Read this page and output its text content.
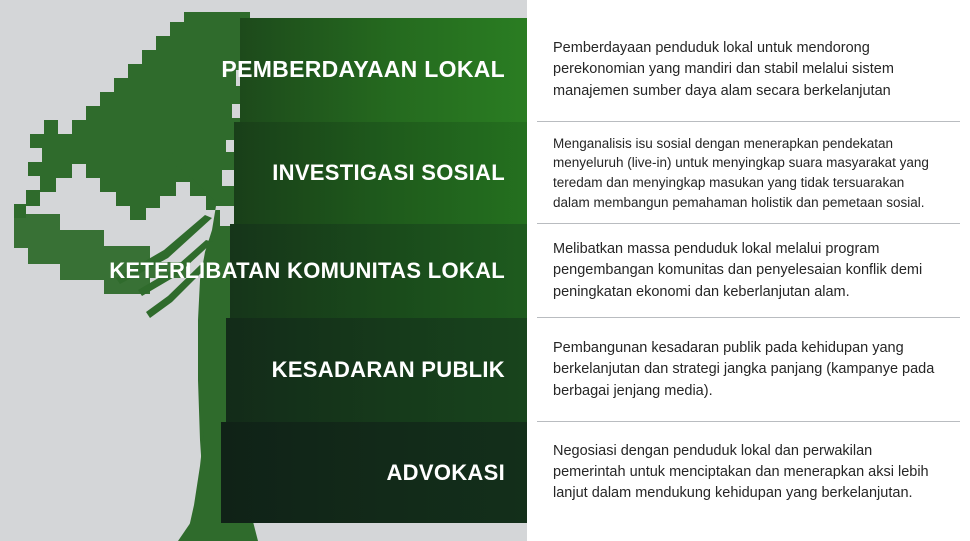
PEMBERDAYAAN LOKAL
Pemberdayaan penduduk lokal untuk mendorong perekonomian yang mandiri dan stabil melalui sistem manajemen sumber daya alam secara berkelanjutan
INVESTIGASI SOSIAL
Menganalisis isu sosial dengan menerapkan pendekatan menyeluruh (live-in) untuk menyingkap suara masyarakat yang teredam dan menyingkap masukan yang tidak tersuarakan dalam membangun pemahaman holistik dan pemetaan sosial.
KETERLIBATAN KOMUNITAS LOKAL
Melibatkan massa penduduk lokal melalui program pengembangan komunitas dan penyelesaian konflik demi peningkatan ekonomi dan keberlanjutan alam.
KESADARAN PUBLIK
Pembangunan kesadaran publik pada kehidupan yang berkelanjutan dan strategi jangka panjang (kampanye pada berbagai jenjang media).
ADVOKASI
Negosiasi dengan penduduk lokal dan perwakilan pemerintah untuk menciptakan dan menerapkan aksi lebih lanjut dalam mendukung kehidupan yang berkelanjutan.
